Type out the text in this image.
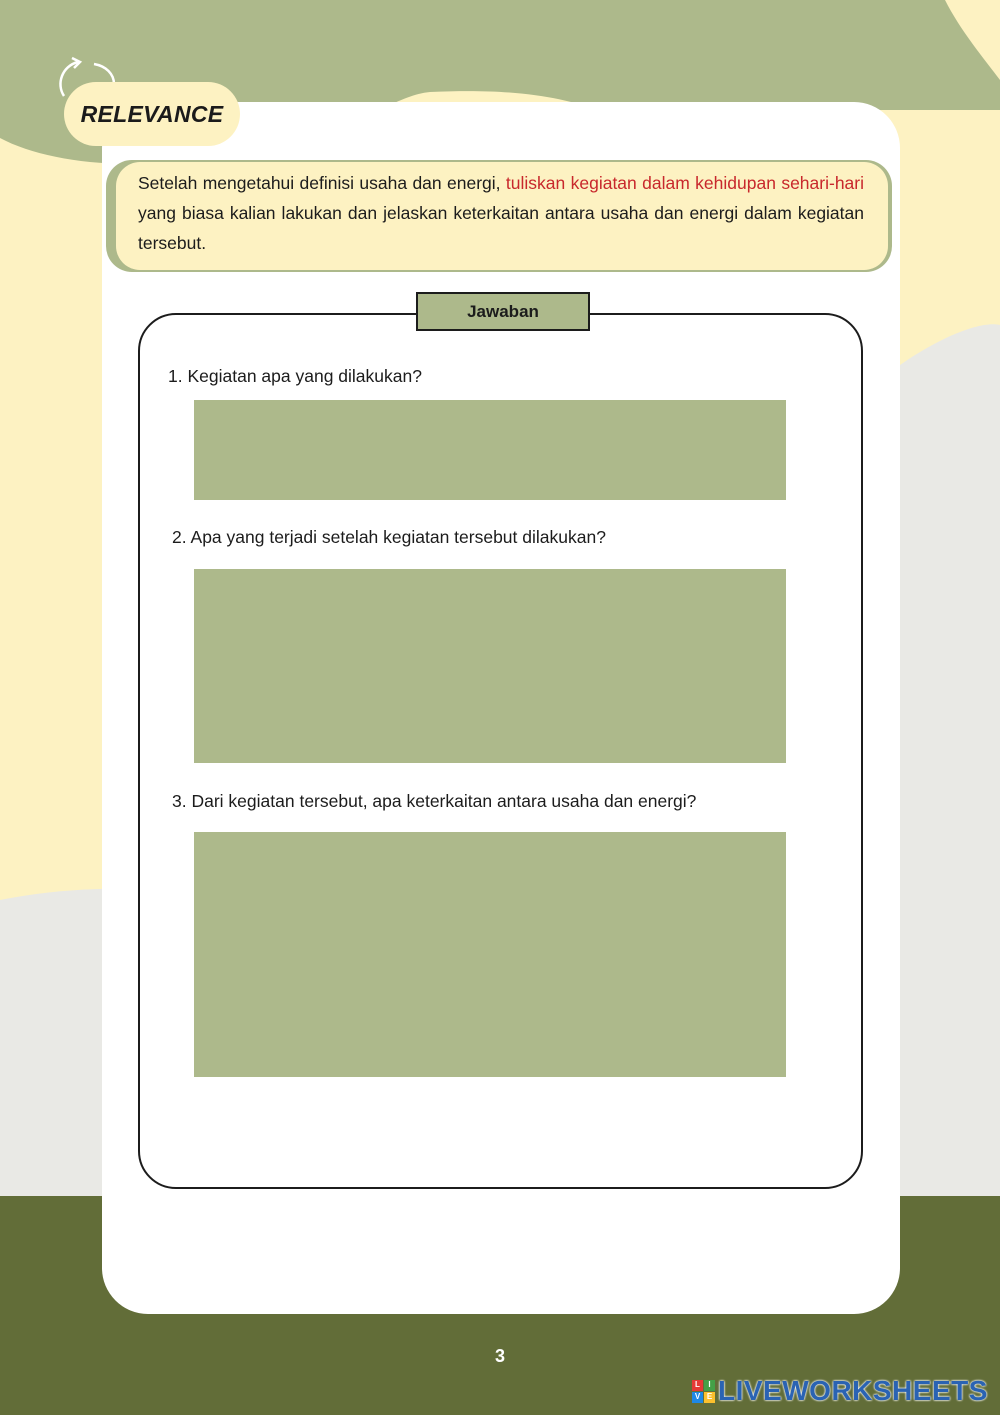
RELEVANCE
Setelah mengetahui definisi usaha dan energi, tuliskan kegiatan dalam kehidupan sehari-hari yang biasa kalian lakukan dan jelaskan keterkaitan antara usaha dan energi dalam kegiatan tersebut.
Jawaban
1. Kegiatan apa yang dilakukan?
2. Apa yang terjadi setelah kegiatan tersebut dilakukan?
3. Dari kegiatan tersebut, apa keterkaitan antara usaha dan energi?
3
L	I
V E LIVEWORKSHEETS
